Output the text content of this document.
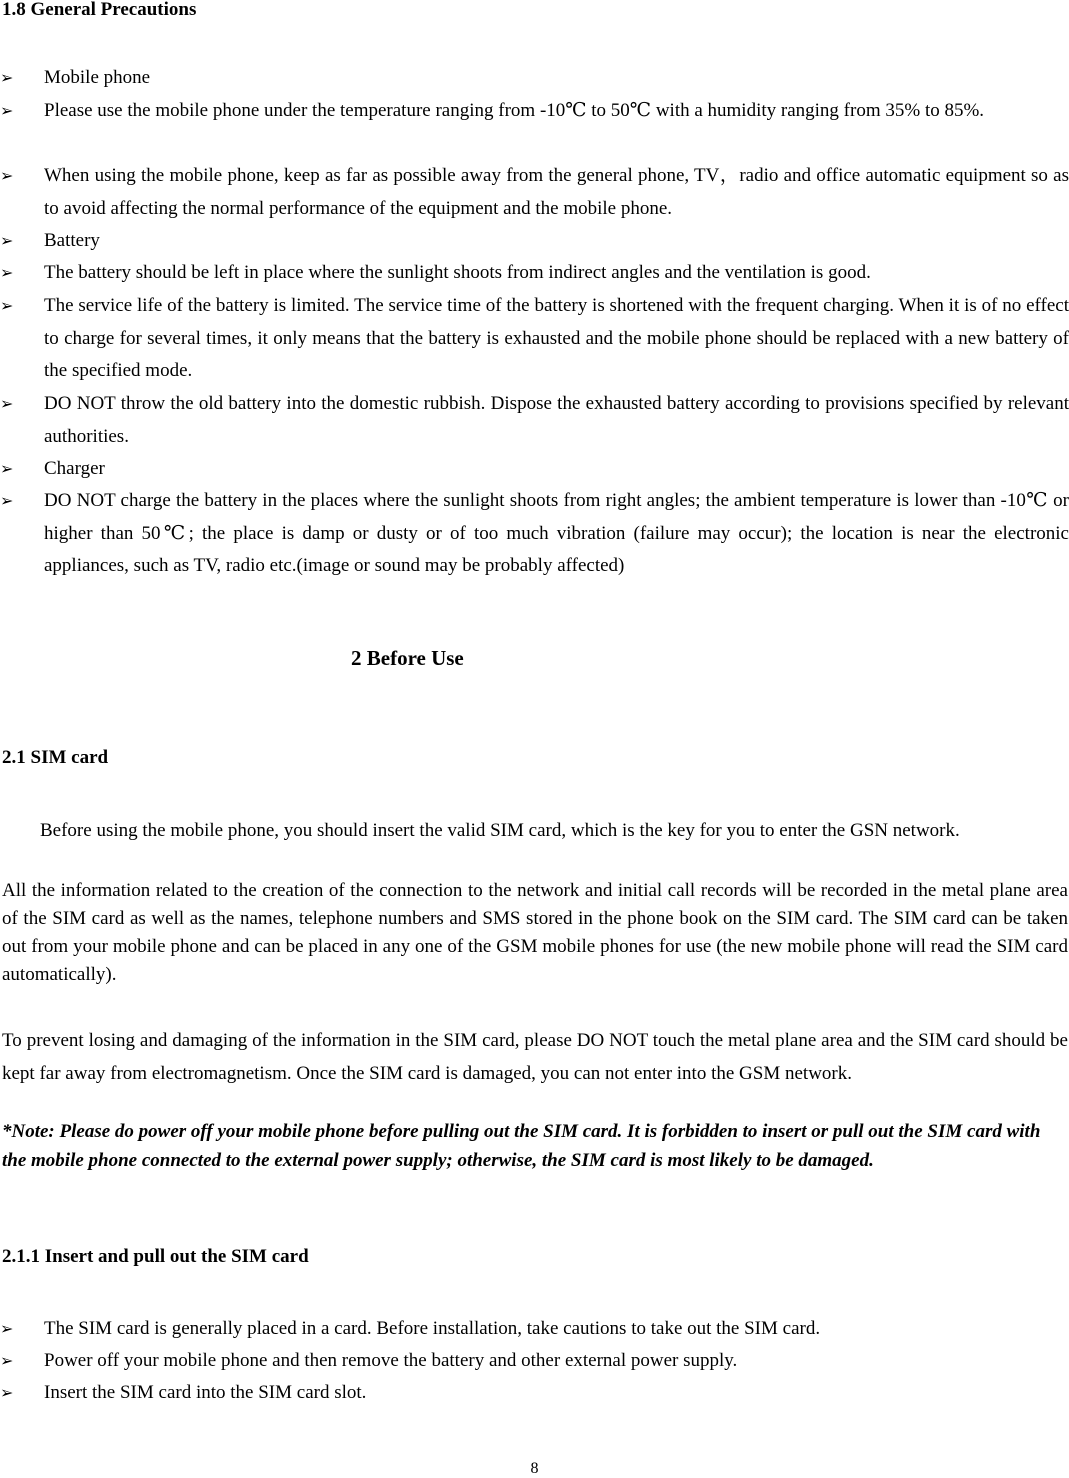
1.8 General Precautions
➢	Mobile phone
➢	Please use the mobile phone under the temperature ranging from -10℃ to 50℃ with a humidity ranging from 35% to 85%.
➢	When using the mobile phone, keep as far as possible away from the general phone, TV，radio and office automatic equipment so as to avoid affecting the normal performance of the equipment and the mobile phone.
➢	Battery
➢	The battery should be left in place where the sunlight shoots from indirect angles and the ventilation is good.
➢	The service life of the battery is limited. The service time of the battery is shortened with the frequent charging. When it is of no effect to charge for several times, it only means that the battery is exhausted and the mobile phone should be replaced with a new battery of the specified mode.
➢	DO NOT throw the old battery into the domestic rubbish. Dispose the exhausted battery according to provisions specified by relevant authorities.
➢	Charger
➢	DO NOT charge the battery in the places where the sunlight shoots from right angles; the ambient temperature is lower than -10℃ or higher than 50℃; the place is damp or dusty or of too much vibration (failure may occur); the location is near the electronic appliances, such as TV, radio etc.(image or sound may be probably affected)
2 Before Use
2.1 SIM card
Before using the mobile phone, you should insert the valid SIM card, which is the key for you to enter the GSN network.
All the information related to the creation of the connection to the network and initial call records will be recorded in the metal plane area of the SIM card as well as the names, telephone numbers and SMS stored in the phone book on the SIM card. The SIM card can be taken out from your mobile phone and can be placed in any one of the GSM mobile phones for use (the new mobile phone will read the SIM card automatically).
To prevent losing and damaging of the information in the SIM card, please DO NOT touch the metal plane area and the SIM card should be kept far away from electromagnetism. Once the SIM card is damaged, you can not enter into the GSM network.
*Note: Please do power off your mobile phone before pulling out the SIM card. It is forbidden to insert or pull out the SIM card with the mobile phone connected to the external power supply; otherwise, the SIM card is most likely to be damaged.
2.1.1 Insert and pull out the SIM card
➢	The SIM card is generally placed in a card. Before installation, take cautions to take out the SIM card.
➢	Power off your mobile phone and then remove the battery and other external power supply.
➢	Insert the SIM card into the SIM card slot.
8
